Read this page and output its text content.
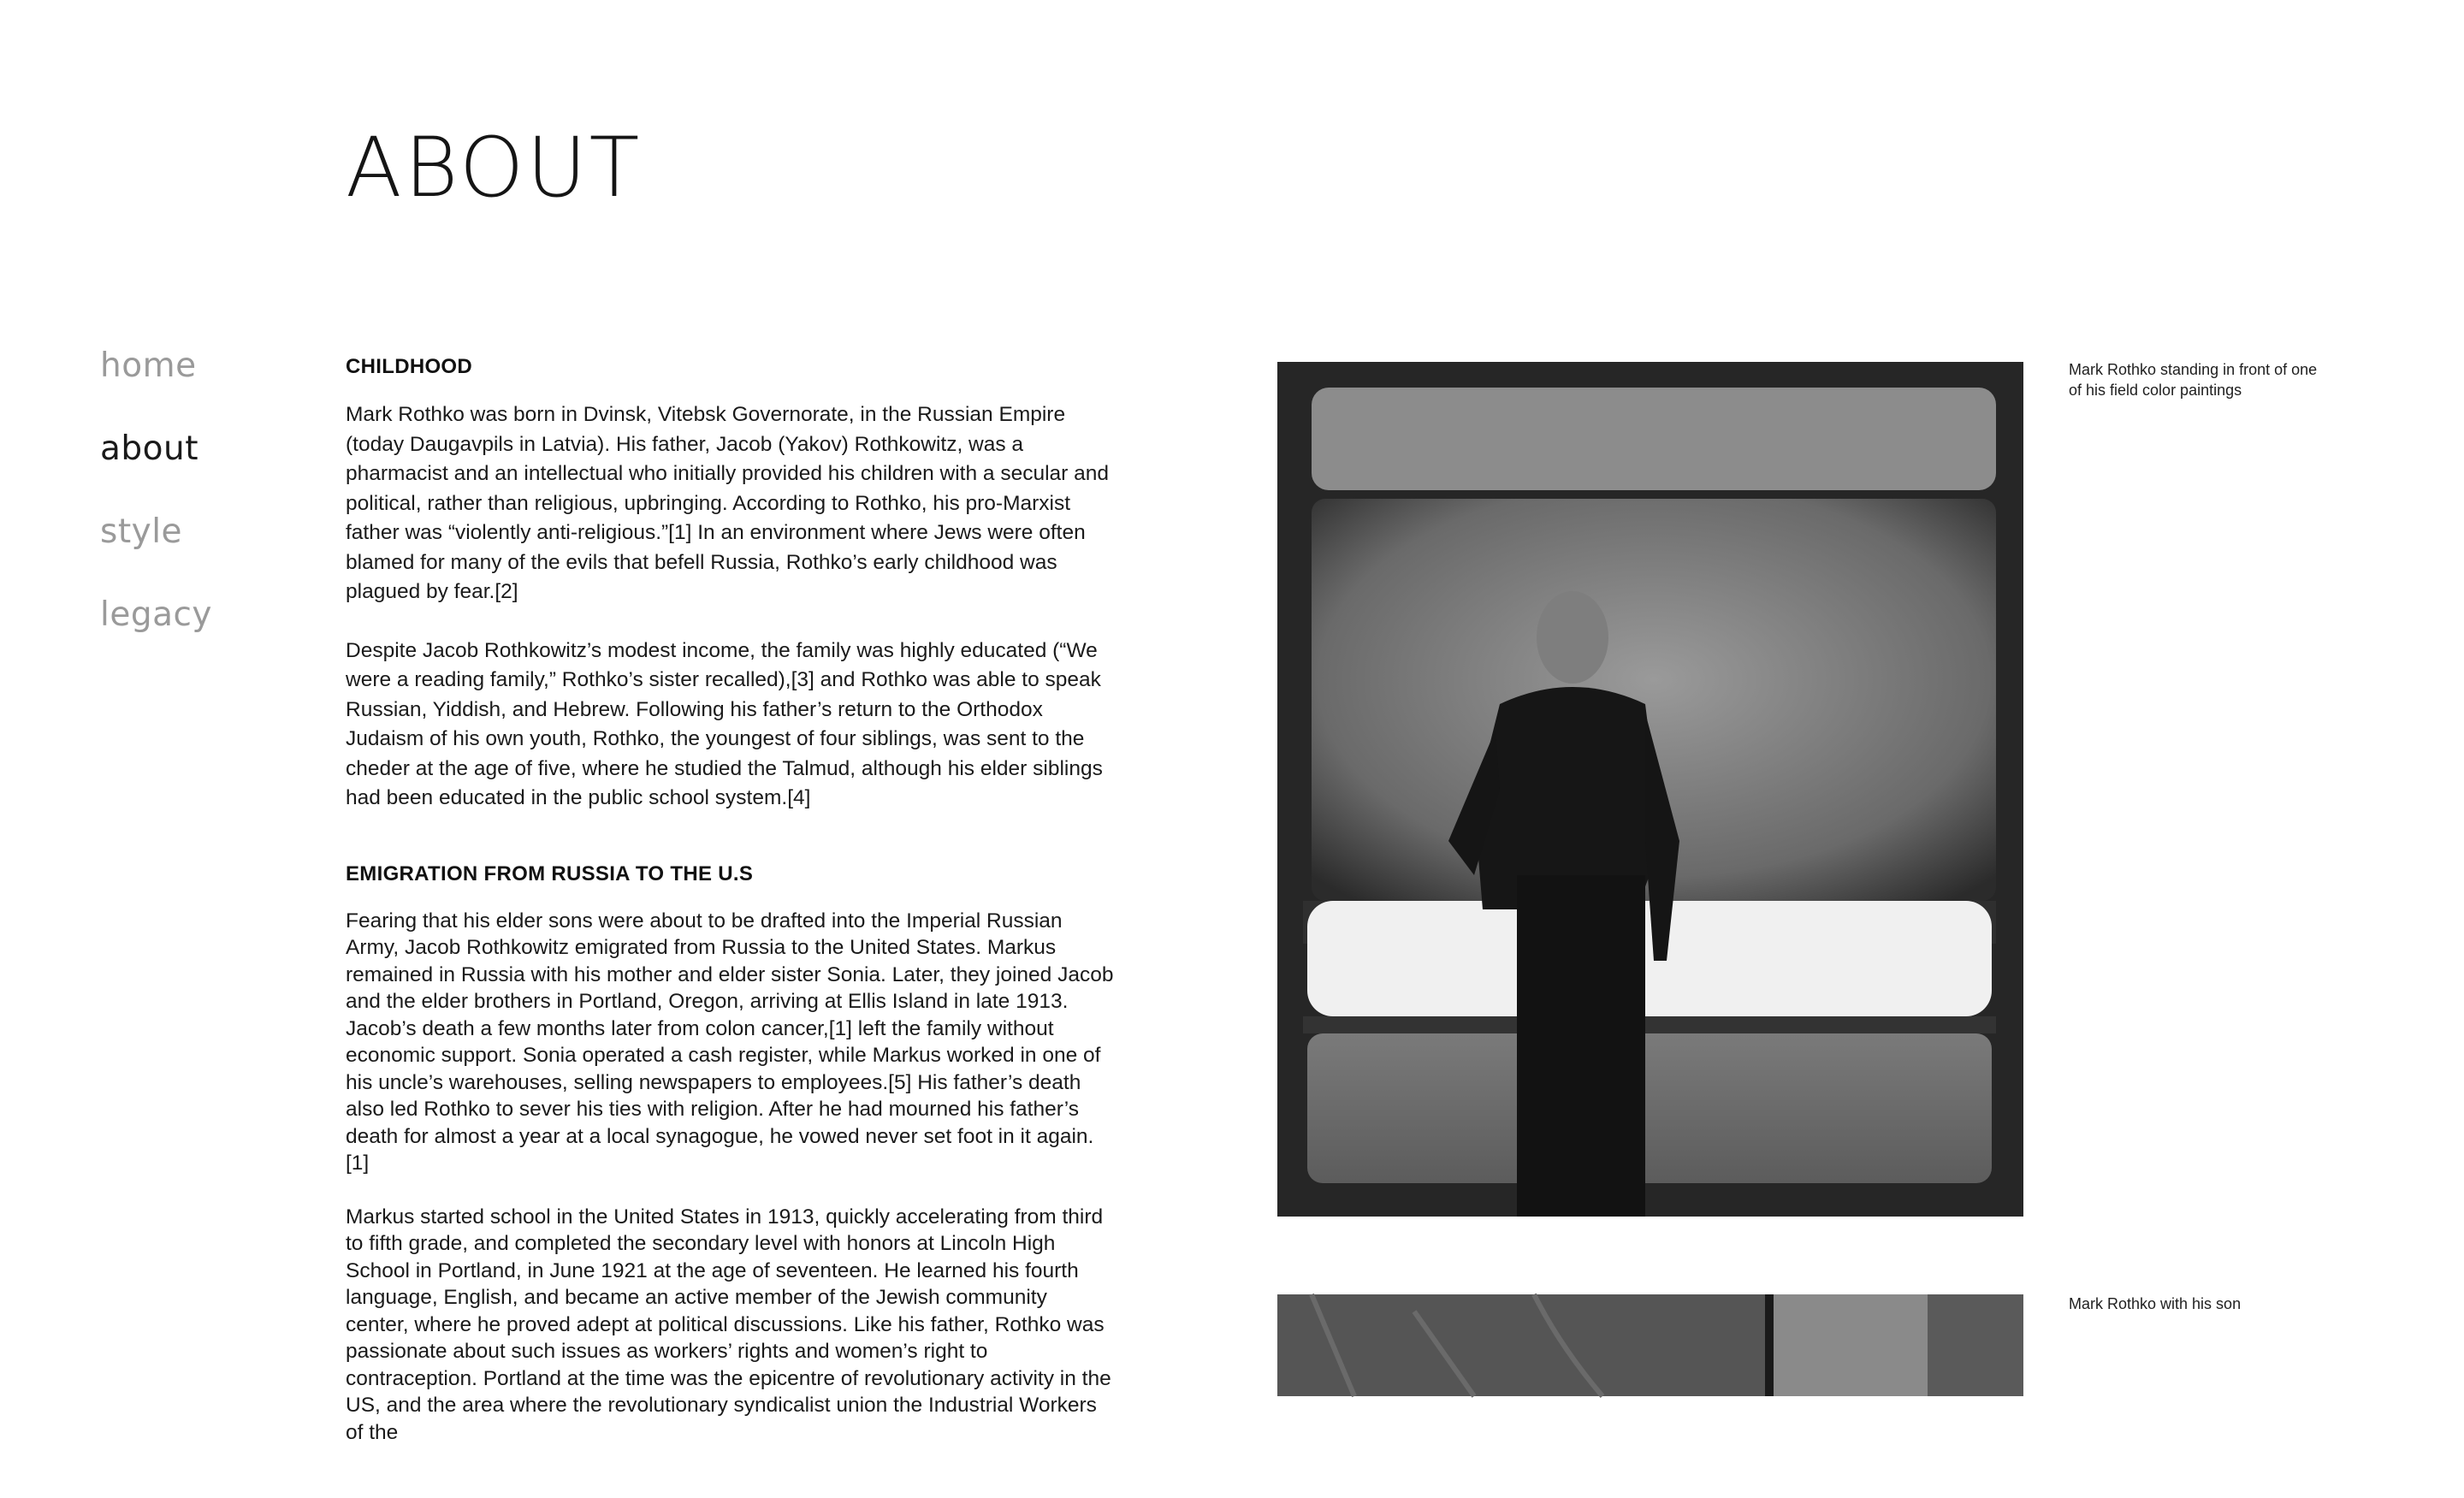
ABOUT
home
about
style
legacy
CHILDHOOD

Mark Rothko was born in Dvinsk, Vitebsk Governorate, in the Russian Empire (today Daugavpils in Latvia). His father, Jacob (Yakov) Rothkowitz, was a pharmacist and an intellectual who initially provided his children with a secular and political, rather than religious, upbringing. According to Rothko, his pro-Marxist father was “violently anti-religious.”[1] In an environment where Jews were often blamed for many of the evils that befell Russia, Rothko’s early childhood was plagued by fear.[2]

Despite Jacob Rothkowitz’s modest income, the family was highly educated (“We were a reading family,” Rothko’s sister recalled),[3] and Rothko was able to speak Russian, Yiddish, and Hebrew. Following his father’s return to the Orthodox Judaism of his own youth, Rothko, the youngest of four siblings, was sent to the cheder at the age of five, where he studied the Talmud, although his elder siblings had been educated in the public school system.[4]

EMIGRATION FROM RUSSIA TO THE U.S

Fearing that his elder sons were about to be drafted into the Imperial Russian Army, Jacob Rothkowitz emigrated from Russia to the United States. Markus remained in Russia with his mother and elder sister Sonia. Later, they joined Jacob and the elder brothers in Portland, Oregon, arriving at Ellis Island in late 1913. Jacob’s death a few months later from colon cancer,[1] left the family without economic support. Sonia operated a cash register, while Markus worked in one of his uncle’s warehouses, selling newspapers to employees.[5] His father’s death also led Rothko to sever his ties with religion. After he had mourned his father’s death for almost a year at a local synagogue, he vowed never set foot in it again.[1]

Markus started school in the United States in 1913, quickly accelerating from third to fifth grade, and completed the secondary level with honors at Lincoln High School in Portland, in June 1921 at the age of seventeen. He learned his fourth language, English, and became an active member of the Jewish community center, where he proved adept at political discussions. Like his father, Rothko was passionate about such issues as workers’ rights and women’s right to contraception. Portland at the time was the epicentre of revolutionary activity in the US, and the area where the revolutionary syndicalist union the Industrial Workers of the

Mark Rothko standing in front of one of his field color paintings
Mark Rothko with his son
